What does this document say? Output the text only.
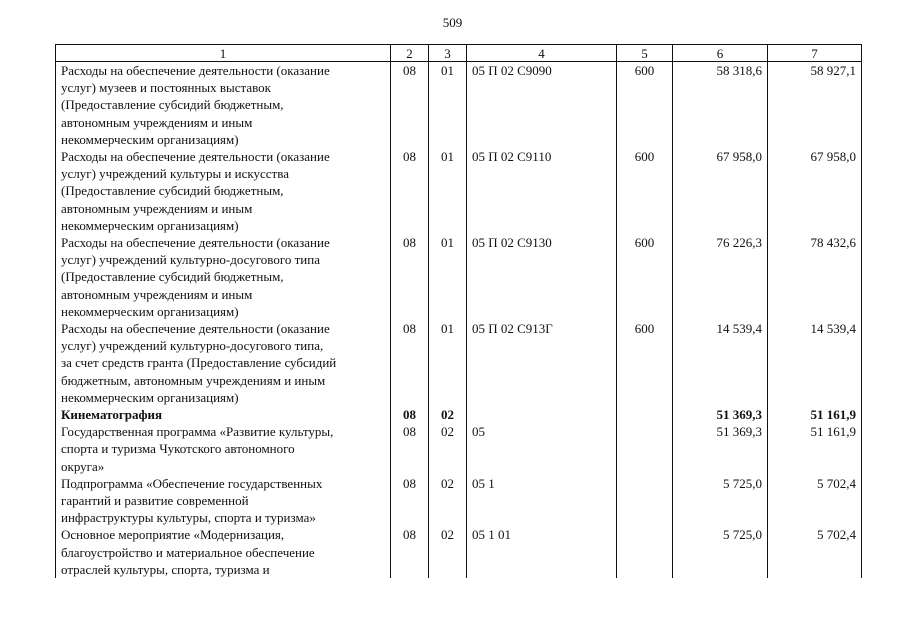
509
1	2	3	4	5	6	7

Расходы на обеспечение деятельности (оказание
услуг) музеев и постоянных выставок
(Предоставление субсидий бюджетным,
автономным учреждениям и иным
некоммерческим организациям)	08	01	05 П 02 С9090	600	58 318,6	58 927,1

Расходы на обеспечение деятельности (оказание
услуг) учреждений культуры и искусства
(Предоставление субсидий бюджетным,
автономным учреждениям и иным
некоммерческим организациям)	08	01	05 П 02 С9110	600	67 958,0	67 958,0

Расходы на обеспечение деятельности (оказание
услуг) учреждений культурно-досугового типа
(Предоставление субсидий бюджетным,
автономным учреждениям и иным
некоммерческим организациям)	08	01	05 П 02 С9130	600	76 226,3	78 432,6

Расходы на обеспечение деятельности (оказание
услуг) учреждений культурно-досугового типа,
за счет средств гранта (Предоставление субсидий
бюджетным, автономным учреждениям и иным
некоммерческим организациям)	08	01	05 П 02 С913Г	600	14 539,4	14 539,4

Кинематография	08	02			51 369,3	51 161,9

Государственная программа «Развитие культуры,
спорта и туризма Чукотского автономного
округа»	08	02	05		51 369,3	51 161,9

Подпрограмма «Обеспечение государственных
гарантий и развитие современной
инфраструктуры культуры, спорта и туризма»	08	02	05 1		5 725,0	5 702,4

Основное мероприятие «Модернизация,
благоустройство и материальное обеспечение
отраслей культуры, спорта, туризма и	08	02	05 1 01		5 725,0	5 702,4
